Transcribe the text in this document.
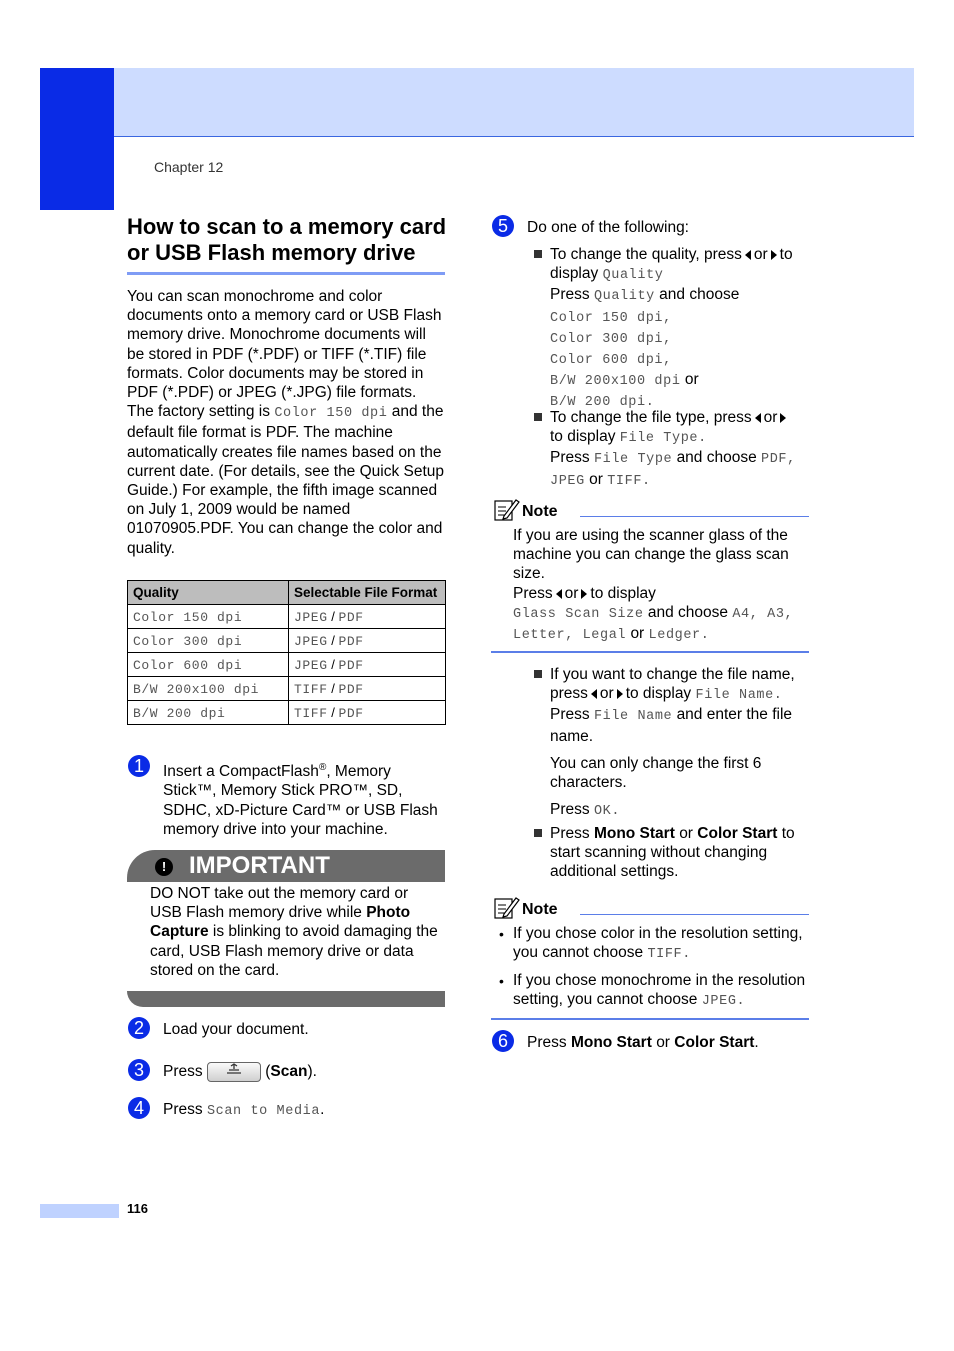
Chapter 12
How to scan to a memory card or USB Flash memory drive
You can scan monochrome and color documents onto a memory card or USB Flash memory drive. Monochrome documents will be stored in PDF (*.PDF) or TIFF (*.TIF) file formats. Color documents may be stored in PDF (*.PDF) or JPEG (*.JPG) file formats. The factory setting is Color 150 dpi and the default file format is PDF. The machine automatically creates file names based on the current date. (For details, see the Quick Setup Guide.) For example, the fifth image scanned on July 1, 2009 would be named 01070905.PDF. You can change the color and quality.
Quality	Selectable File Format
Color 150 dpi	JPEG / PDF
Color 300 dpi	JPEG / PDF
Color 600 dpi	JPEG / PDF
B/W 200x100 dpi	TIFF / PDF
B/W 200 dpi	TIFF / PDF
1	Insert a CompactFlash®, Memory Stick™, Memory Stick PRO™, SD, SDHC, xD-Picture Card™ or USB Flash memory drive into your machine.
! IMPORTANT
DO NOT take out the memory card or USB Flash memory drive while Photo Capture is blinking to avoid damaging the card, USB Flash memory drive or data stored on the card.
2	Load your document.
3	Press	(Scan).
4	Press Scan to Media.
5	Do one of the following:
To change the quality, press or to
display Quality
Press Quality and choose
Color 150 dpi,
Color 300 dpi,
Color 600 dpi,
B/W 200x100 dpi or
B/W 200 dpi.
To change the file type, press or
to display File Type.
Press File Type and choose PDF,
JPEG or TIFF.
Note
If you are using the scanner glass of the machine you can change the glass scan size.
Press or to display
Glass Scan Size and choose A4, A3, Letter, Legal or Ledger.
If you want to change the file name, press or to display File Name.
Press File Name and enter the file name.
You can only change the first 6 characters.
Press OK.
Press Mono Start or Color Start to start scanning without changing additional settings.
Note
• If you chose color in the resolution setting, you cannot choose TIFF.
• If you chose monochrome in the resolution setting, you cannot choose JPEG.
6	Press Mono Start or Color Start.
116
